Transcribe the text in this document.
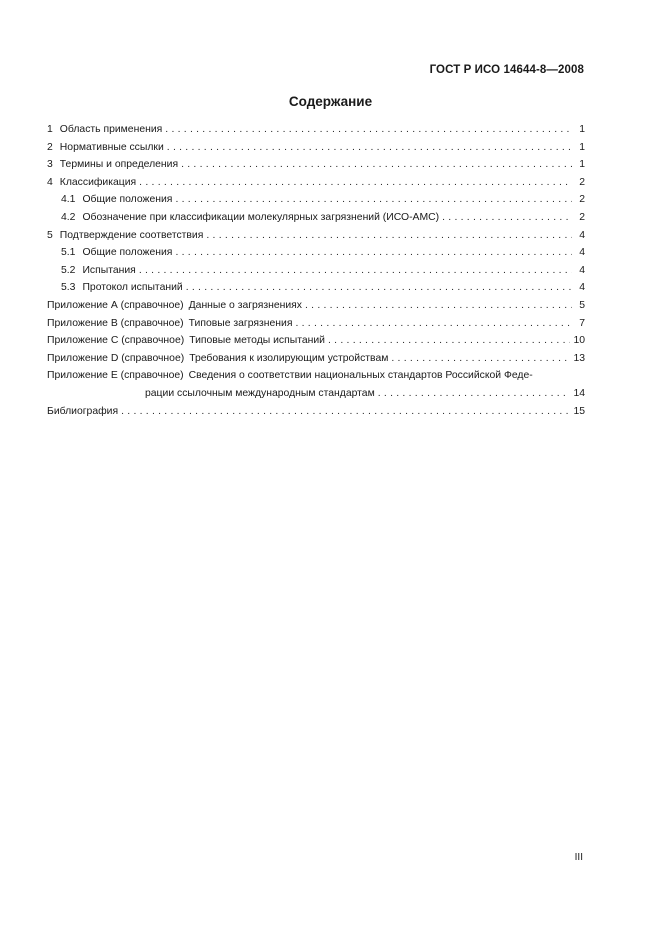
ГОСТ Р ИСО 14644-8—2008
Содержание
1 Область применения . . .	1
2 Нормативные ссылки . . .	1
3 Термины и определения . . .	1
4 Классификация . . .	2
4.1 Общие положения . . .	2
4.2 Обозначение при классификации молекулярных загрязнений (ИСО-АМС) . . .	2
5 Подтверждение соответствия . . .	4
5.1 Общие положения . . .	4
5.2 Испытания . . .	4
5.3 Протокол испытаний . . .	4
Приложение А (справочное) Данные о загрязнениях . . .	5
Приложение В (справочное) Типовые загрязнения . . .	7
Приложение С (справочное) Типовые методы испытаний . . .	10
Приложение D (справочное) Требования к изолирующим устройствам . . .	13
Приложение Е (справочное) Сведения о соответствии национальных стандартов Российской Феде-
рации ссылочным международным стандартам . . .	14
Библиография . . .	15
III
